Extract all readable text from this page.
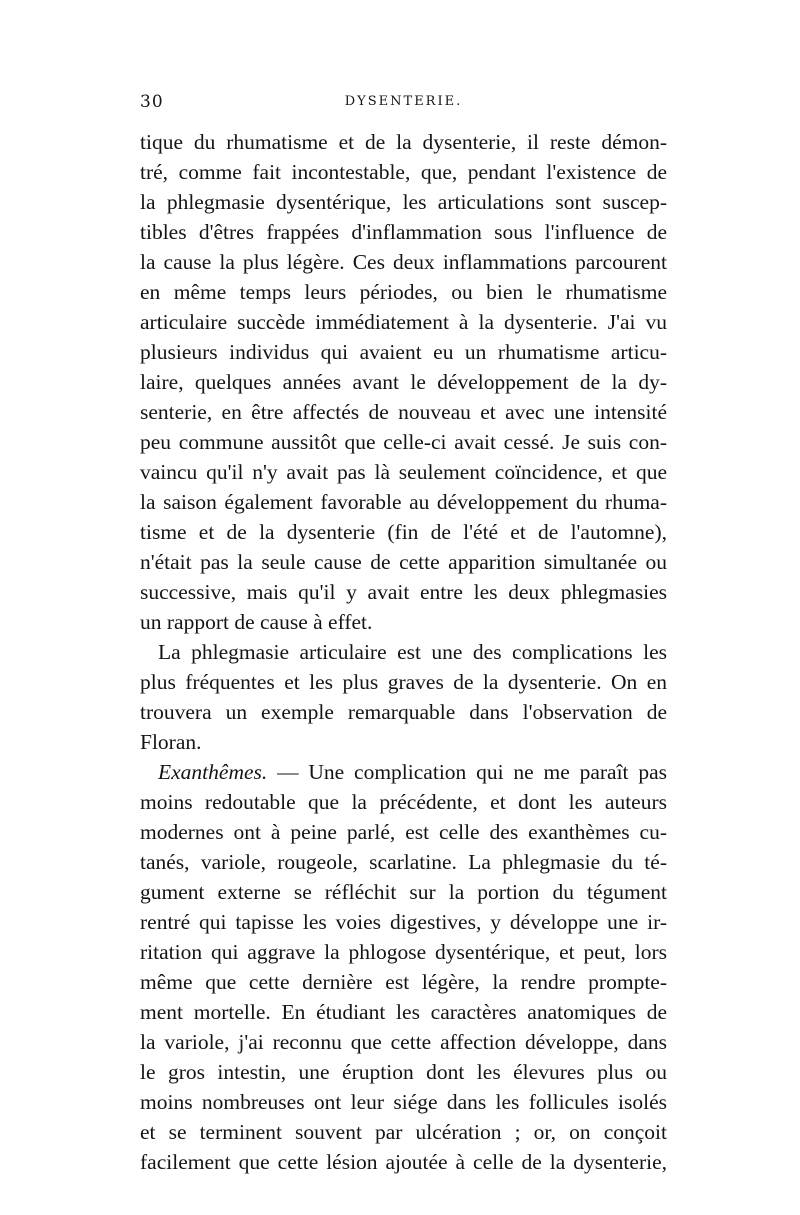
30	DYSENTERIE.
tique du rhumatisme et de la dysenterie, il reste démon-
tré, comme fait incontestable, que, pendant l'existence de
la phlegmasie dysentérique, les articulations sont suscep-
tibles d'êtres frappées d'inflammation sous l'influence de
la cause la plus légère. Ces deux inflammations parcourent
en même temps leurs périodes, ou bien le rhumatisme
articulaire succède immédiatement à la dysenterie. J'ai vu
plusieurs individus qui avaient eu un rhumatisme articu-
laire, quelques années avant le développement de la dy-
senterie, en être affectés de nouveau et avec une intensité
peu commune aussitôt que celle-ci avait cessé. Je suis con-
vaincu qu'il n'y avait pas là seulement coïncidence, et que
la saison également favorable au développement du rhuma-
tisme et de la dysenterie (fin de l'été et de l'automne),
n'était pas la seule cause de cette apparition simultanée ou
successive, mais qu'il y avait entre les deux phlegmasies
un rapport de cause à effet.
La phlegmasie articulaire est une des complications les
plus fréquentes et les plus graves de la dysenterie. On en
trouvera un exemple remarquable dans l'observation de
Floran.
Exanthêmes. — Une complication qui ne me paraît pas
moins redoutable que la précédente, et dont les auteurs
modernes ont à peine parlé, est celle des exanthèmes cu-
tanés, variole, rougeole, scarlatine. La phlegmasie du té-
gument externe se réfléchit sur la portion du tégument
rentré qui tapisse les voies digestives, y développe une ir-
ritation qui aggrave la phlogose dysentérique, et peut, lors
même que cette dernière est légère, la rendre prompte-
ment mortelle. En étudiant les caractères anatomiques de
la variole, j'ai reconnu que cette affection développe, dans
le gros intestin, une éruption dont les élevures plus ou
moins nombreuses ont leur siége dans les follicules isolés
et se terminent souvent par ulcération ; or, on conçoit
facilement que cette lésion ajoutée à celle de la dysenterie,
